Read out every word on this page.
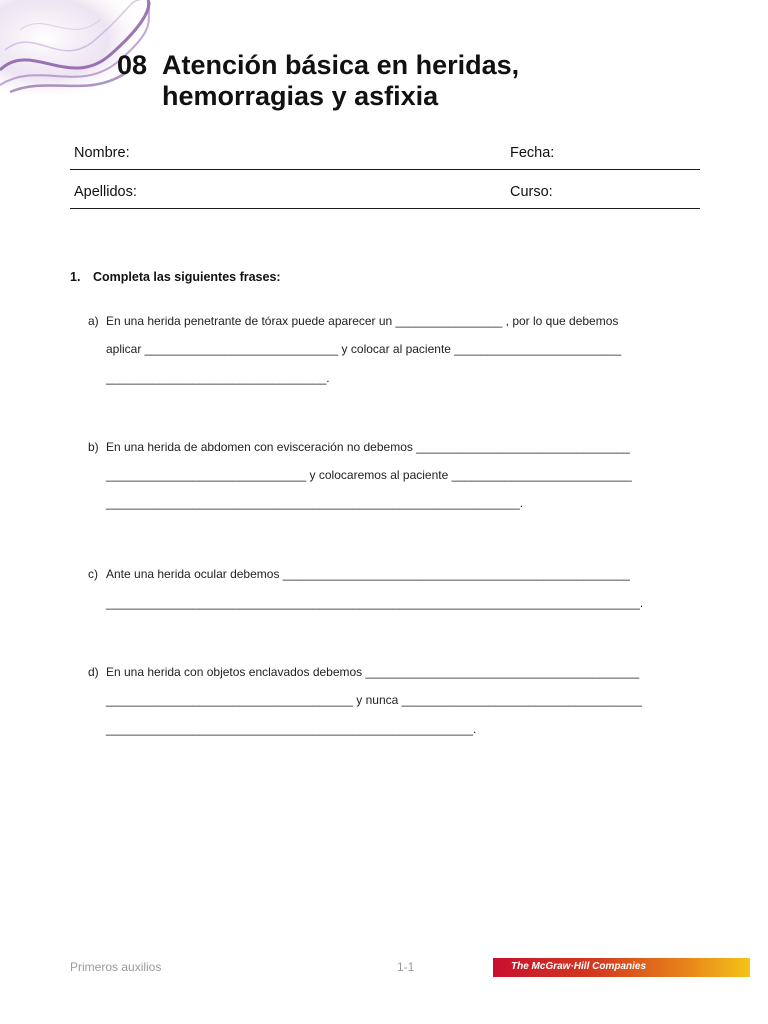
08 Atención básica en heridas,
hemorragias y asfixia
Nombre:	Fecha:
Apellidos:	Curso:
1. Completa las siguientes frases:
a) En una herida penetrante de tórax puede aparecer un ________________ , por lo que debemos
aplicar _____________________________ y colocar al paciente _________________________
_________________________________.
b) En una herida de abdomen con evisceración no debemos ________________________________
______________________________ y colocaremos al paciente ___________________________
______________________________________________________________.
c) Ante una herida ocular debemos ____________________________________________________
________________________________________________________________________________.
d) En una herida con objetos enclavados debemos _________________________________________
_____________________________________ y nunca ____________________________________
_______________________________________________________.
Primeros auxilios	1-1	The McGraw·Hill Companies
